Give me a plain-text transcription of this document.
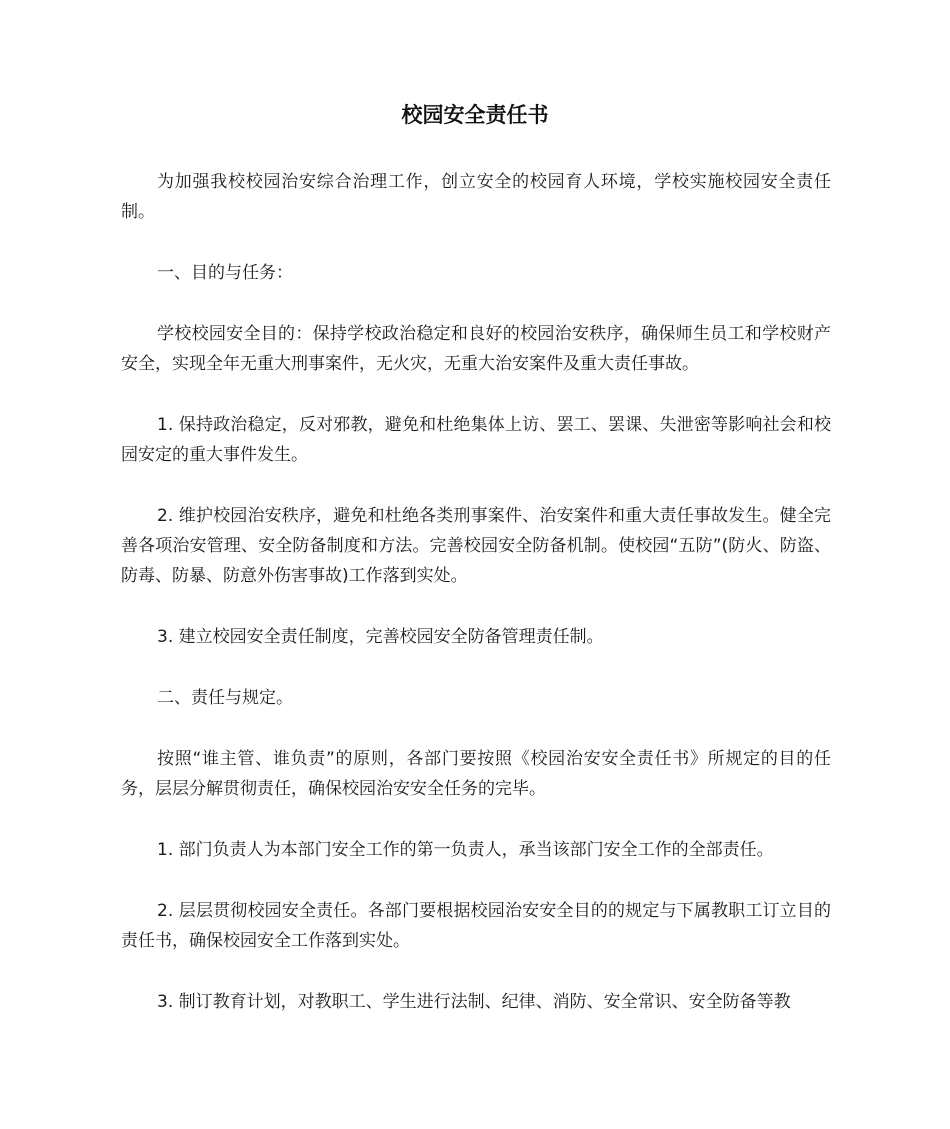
校园安全责任书

为加强我校校园治安综合治理工作，创立安全的校园育人环境，学校实施校园安全责任制。

一、目的与任务：

学校校园安全目的：保持学校政治稳定和良好的校园治安秩序，确保师生员工和学校财产安全，实现全年无重大刑事案件，无火灾，无重大治安案件及重大责任事故。

1. 保持政治稳定，反对邪教，避免和杜绝集体上访、罢工、罢课、失泄密等影响社会和校园安定的重大事件发生。

2. 维护校园治安秩序，避免和杜绝各类刑事案件、治安案件和重大责任事故发生。健全完善各项治安管理、安全防备制度和方法。完善校园安全防备机制。使校园“五防”(防火、防盗、防毒、防暴、防意外伤害事故)工作落到实处。

3. 建立校园安全责任制度，完善校园安全防备管理责任制。

二、责任与规定。

按照“谁主管、谁负责”的原则，各部门要按照《校园治安安全责任书》所规定的目的任务，层层分解贯彻责任，确保校园治安安全任务的完毕。

1. 部门负责人为本部门安全工作的第一负责人，承当该部门安全工作的全部责任。

2. 层层贯彻校园安全责任。各部门要根据校园治安安全目的的规定与下属教职工订立目的责任书，确保校园安全工作落到实处。

3. 制订教育计划，对教职工、学生进行法制、纪律、消防、安全常识、安全防备等教
